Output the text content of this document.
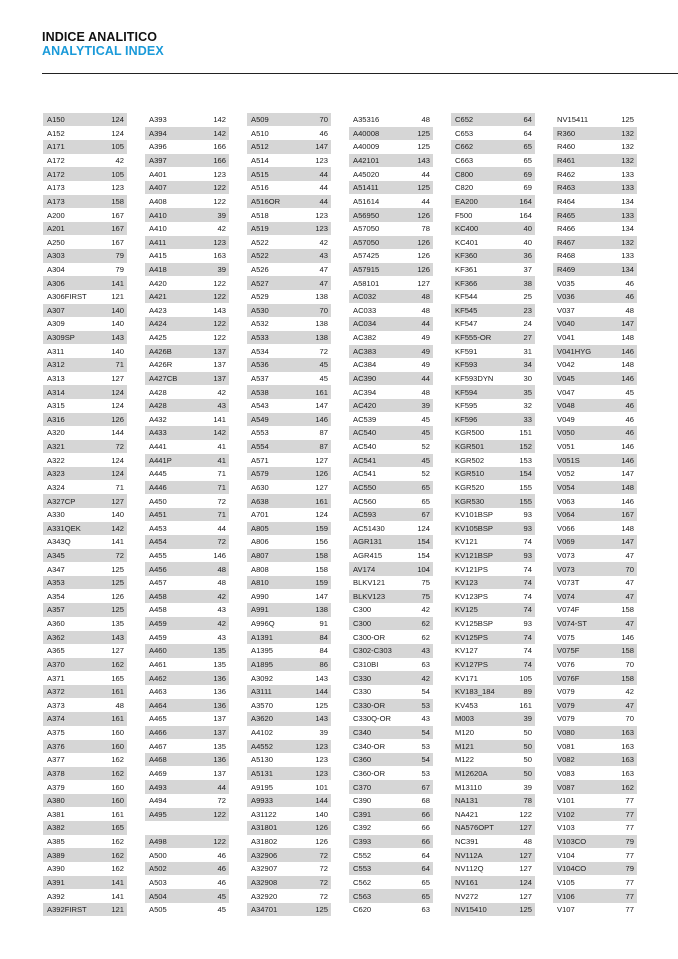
INDICE ANALITICO
ANALYTICAL INDEX
A150	124
A152	124
A171	105
A172	42
A172	105
A173	123
A173	158
A200	167
A201	167
A250	167
A303	79
A304	79
A306	141
A306FIRST	121
A307	140
A309	140
A309SP	143
A311	140
A312	71
A313	127
A314	124
A315	124
A316	126
A320	144
A321	72
A322	124
A323	124
A324	71
A327CP	127
A330	140
A331QEK	142
A343Q	141
A345	72
A347	125
A353	125
A354	126
A357	125
A360	135
A362	143
A365	127
A370	162
A371	165
A372	161
A373	48
A374	161
A375	160
A376	160
A377	162
A378	162
A379	160
A380	160
A381	161
A382	165
A385	162
A389	162
A390	162
A391	141
A392	141
A392FIRST	121
A393	142
A394	142
A396	166
A397	166
A401	123
A407	122
A408	122
A410	39
A410	42
A411	123
A415	163
A418	39
A420	122
A421	122
A423	143
A424	122
A425	122
A426B	137
A426R	137
A427CB	137
A428	42
A428	43
A432	141
A433	142
A441	41
A441P	41
A445	71
A446	71
A450	72
A451	71
A453	44
A454	72
A455	146
A456	48
A457	48
A458	42
A458	43
A459	42
A459	43
A460	135
A461	135
A462	136
A463	136
A464	136
A465	137
A466	137
A467	135
A468	136
A469	137
A493	44
A494	72
A495	122
A498	122
A500	46
A502	46
A503	46
A504	45
A505	45
A509	70
A510	46
A512	147
A514	123
A515	44
A516	44
A516OR	44
A518	123
A519	123
A522	42
A522	43
A526	47
A527	47
A529	138
A530	70
A532	138
A533	138
A534	72
A536	45
A537	45
A538	161
A543	147
A549	146
A553	87
A554	87
A571	127
A579	126
A630	127
A638	161
A701	124
A805	159
A806	156
A807	158
A808	158
A810	159
A990	147
A991	138
A996Q	91
A1391	84
A1395	84
A1895	86
A3092	143
A3111	144
A3570	125
A3620	143
A4102	39
A4552	123
A5130	123
A5131	123
A9195	101
A9933	144
A31122	140
A31801	126
A31802	126
A32906	72
A32907	72
A32908	72
A32920	72
A34701	125
A35316	48
A40008	125
A40009	125
A42101	143
A45020	44
A51411	125
A51614	44
A56950	126
A57050	78
A57050	126
A57425	126
A57915	126
A58101	127
AC032	48
AC033	48
AC034	44
AC382	49
AC383	49
AC384	49
AC390	44
AC394	48
AC420	39
AC539	45
AC540	45
AC540	52
AC541	45
AC541	52
AC550	65
AC560	65
AC593	67
AC51430	124
AGR131	154
AGR415	154
AV174	104
BLKV121	75
BLKV123	75
C300	42
C300	62
C300-OR	62
C302-C303	43
C310BI	63
C330	42
C330	54
C330-OR	53
C330Q-OR	43
C340	54
C340-OR	53
C360	54
C360-OR	53
C370	67
C390	68
C391	66
C392	66
C393	66
C552	64
C553	64
C562	65
C563	65
C620	63
C652	64
C653	64
C662	65
C663	65
C800	69
C820	69
EA200	164
F500	164
KC400	40
KC401	40
KF360	36
KF361	37
KF366	38
KF544	25
KF545	23
KF547	24
KF555-OR	27
KF591	31
KF593	34
KF593DYN	30
KF594	35
KF595	32
KF596	33
KGR500	151
KGR501	152
KGR502	153
KGR510	154
KGR520	155
KGR530	155
KV101BSP	93
KV105BSP	93
KV121	74
KV121BSP	93
KV121PS	74
KV123	74
KV123PS	74
KV125	74
KV125BSP	93
KV125PS	74
KV127	74
KV127PS	74
KV171	105
KV183_184	89
KV453	161
M003	39
M120	50
M121	50
M122	50
M12620A	50
M13110	39
NA131	78
NA421	122
NA576OPT	127
NC391	48
NV112A	127
NV112Q	127
NV161	124
NV272	127
NV15410	125
NV15411	125
R360	132
R460	132
R461	132
R462	133
R463	133
R464	134
R465	133
R466	134
R467	132
R468	133
R469	134
V035	46
V036	46
V037	48
V040	147
V041	148
V041HYG	146
V042	148
V045	146
V047	45
V048	46
V049	46
V050	46
V051	146
V051S	146
V052	147
V054	148
V063	146
V064	167
V066	148
V069	147
V073	47
V073	70
V073T	47
V074	47
V074F	158
V074-ST	47
V075	146
V075F	158
V076	70
V076F	158
V079	42
V079	47
V079	70
V080	163
V081	163
V082	163
V083	163
V087	162
V101	77
V102	77
V103	77
V103CO	79
V104	77
V104CO	79
V105	77
V106	77
V107	77
